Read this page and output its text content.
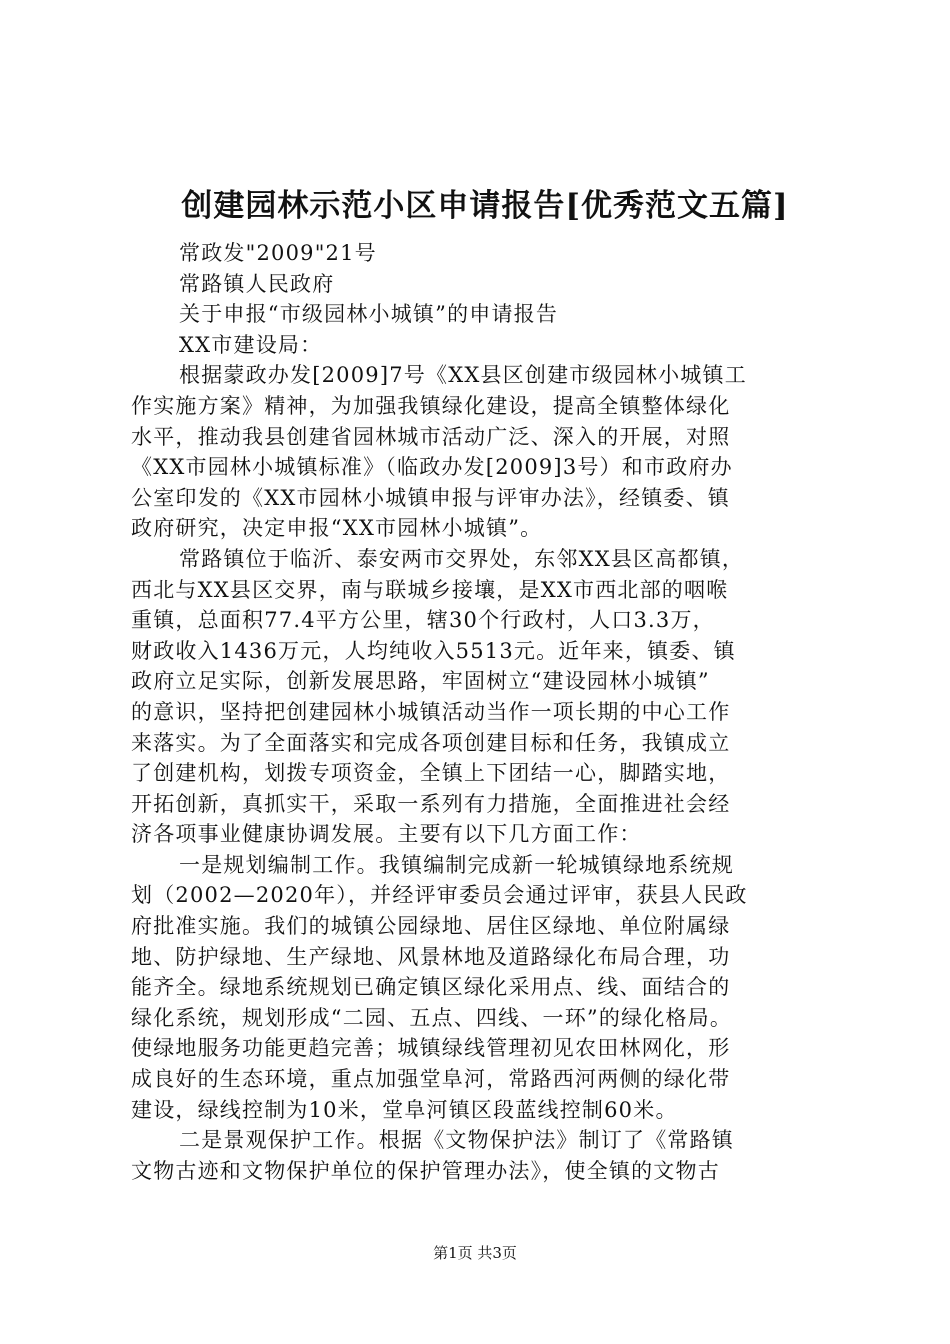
创建园林示范小区申请报告[优秀范文五篇]
常政发"2009"21号
常路镇人民政府
关于申报“市级园林小城镇”的申请报告
XX市建设局：
根据蒙政办发[2009]7号《XX县区创建市级园林小城镇工
作实施方案》精神，为加强我镇绿化建设，提高全镇整体绿化
水平，推动我县创建省园林城市活动广泛、深入的开展，对照
《XX市园林小城镇标准》（临政办发[2009]3号）和市政府办
公室印发的《XX市园林小城镇申报与评审办法》，经镇委、镇
政府研究，决定申报“XX市园林小城镇”。
常路镇位于临沂、泰安两市交界处，东邻XX县区高都镇，
西北与XX县区交界，南与联城乡接壤，是XX市西北部的咽喉
重镇，总面积77.4平方公里，辖30个行政村，人口3.3万，
财政收入1436万元，人均纯收入5513元。近年来，镇委、镇
政府立足实际，创新发展思路，牢固树立“建设园林小城镇”
的意识，坚持把创建园林小城镇活动当作一项长期的中心工作
来落实。为了全面落实和完成各项创建目标和任务，我镇成立
了创建机构，划拨专项资金，全镇上下团结一心，脚踏实地，
开拓创新，真抓实干，采取一系列有力措施，全面推进社会经
济各项事业健康协调发展。主要有以下几方面工作：
一是规划编制工作。我镇编制完成新一轮城镇绿地系统规
划（2002—2020年），并经评审委员会通过评审，获县人民政
府批准实施。我们的城镇公园绿地、居住区绿地、单位附属绿
地、防护绿地、生产绿地、风景林地及道路绿化布局合理，功
能齐全。绿地系统规划已确定镇区绿化采用点、线、面结合的
绿化系统，规划形成“二园、五点、四线、一环”的绿化格局。
使绿地服务功能更趋完善；城镇绿线管理初见农田林网化，形
成良好的生态环境，重点加强堂阜河，常路西河两侧的绿化带
建设，绿线控制为10米，堂阜河镇区段蓝线控制60米。
二是景观保护工作。根据《文物保护法》制订了《常路镇
文物古迹和文物保护单位的保护管理办法》，使全镇的文物古
第1页 共3页
